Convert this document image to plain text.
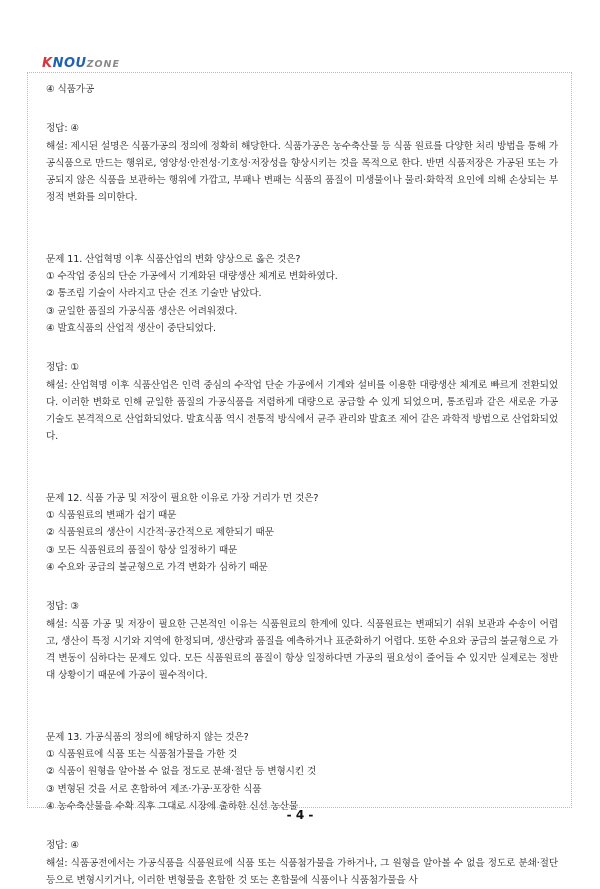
KNOUZONE

④ 식품가공

정답: ④

해설: 제시된 설명은 식품가공의 정의에 정확히 해당한다. 식품가공은 농수축산물 등 식품 원료를 다양한 처리 방법을 통해 가공식품으로 만드는 행위로, 영양성·안전성·기호성·저장성을 향상시키는 것을 목적으로 한다. 반면 식품저장은 가공된 또는 가공되지 않은 식품을 보관하는 행위에 가깝고, 부패나 변패는 식품의 품질이 미생물이나 물리·화학적 요인에 의해 손상되는 부정적 변화를 의미한다.

문제 11. 산업혁명 이후 식품산업의 변화 양상으로 옳은 것은?

① 수작업 중심의 단순 가공에서 기계화된 대량생산 체계로 변화하였다.

② 통조림 기술이 사라지고 단순 건조 기술만 남았다.

③ 균일한 품질의 가공식품 생산은 어려워졌다.

④ 발효식품의 산업적 생산이 중단되었다.

정답: ①

해설: 산업혁명 이후 식품산업은 인력 중심의 수작업 단순 가공에서 기계와 설비를 이용한 대량생산 체계로 빠르게 전환되었다. 이러한 변화로 인해 균일한 품질의 가공식품을 저렴하게 대량으로 공급할 수 있게 되었으며, 통조림과 같은 새로운 가공 기술도 본격적으로 산업화되었다. 발효식품 역시 전통적 방식에서 균주 관리와 발효조 제어 같은 과학적 방법으로 산업화되었다.

문제 12. 식품 가공 및 저장이 필요한 이유로 가장 거리가 먼 것은?

① 식품원료의 변패가 쉽기 때문

② 식품원료의 생산이 시간적·공간적으로 제한되기 때문

③ 모든 식품원료의 품질이 항상 일정하기 때문

④ 수요와 공급의 불균형으로 가격 변화가 심하기 때문

정답: ③

해설: 식품 가공 및 저장이 필요한 근본적인 이유는 식품원료의 한계에 있다. 식품원료는 변패되기 쉬워 보관과 수송이 어렵고, 생산이 특정 시기와 지역에 한정되며, 생산량과 품질을 예측하거나 표준화하기 어렵다. 또한 수요와 공급의 불균형으로 가격 변동이 심하다는 문제도 있다. 모든 식품원료의 품질이 항상 일정하다면 가공의 필요성이 줄어들 수 있지만 실제로는 정반대 상황이기 때문에 가공이 필수적이다.

문제 13. 가공식품의 정의에 해당하지 않는 것은?

① 식품원료에 식품 또는 식품첨가물을 가한 것

② 식품이 원형을 알아볼 수 없을 정도로 분쇄·절단 등 변형시킨 것

③ 변형된 것을 서로 혼합하여 제조·가공·포장한 식품

④ 농수축산물을 수확 직후 그대로 시장에 출하한 신선 농산물

정답: ④

해설: 식품공전에서는 가공식품을 식품원료에 식품 또는 식품첨가물을 가하거나, 그 원형을 알아볼 수 없을 정도로 분쇄·절단 등으로 변형시키거나, 이러한 변형물을 혼합한 것 또는 혼합물에 식품이나 식품첨가물을 사

- 4 -
